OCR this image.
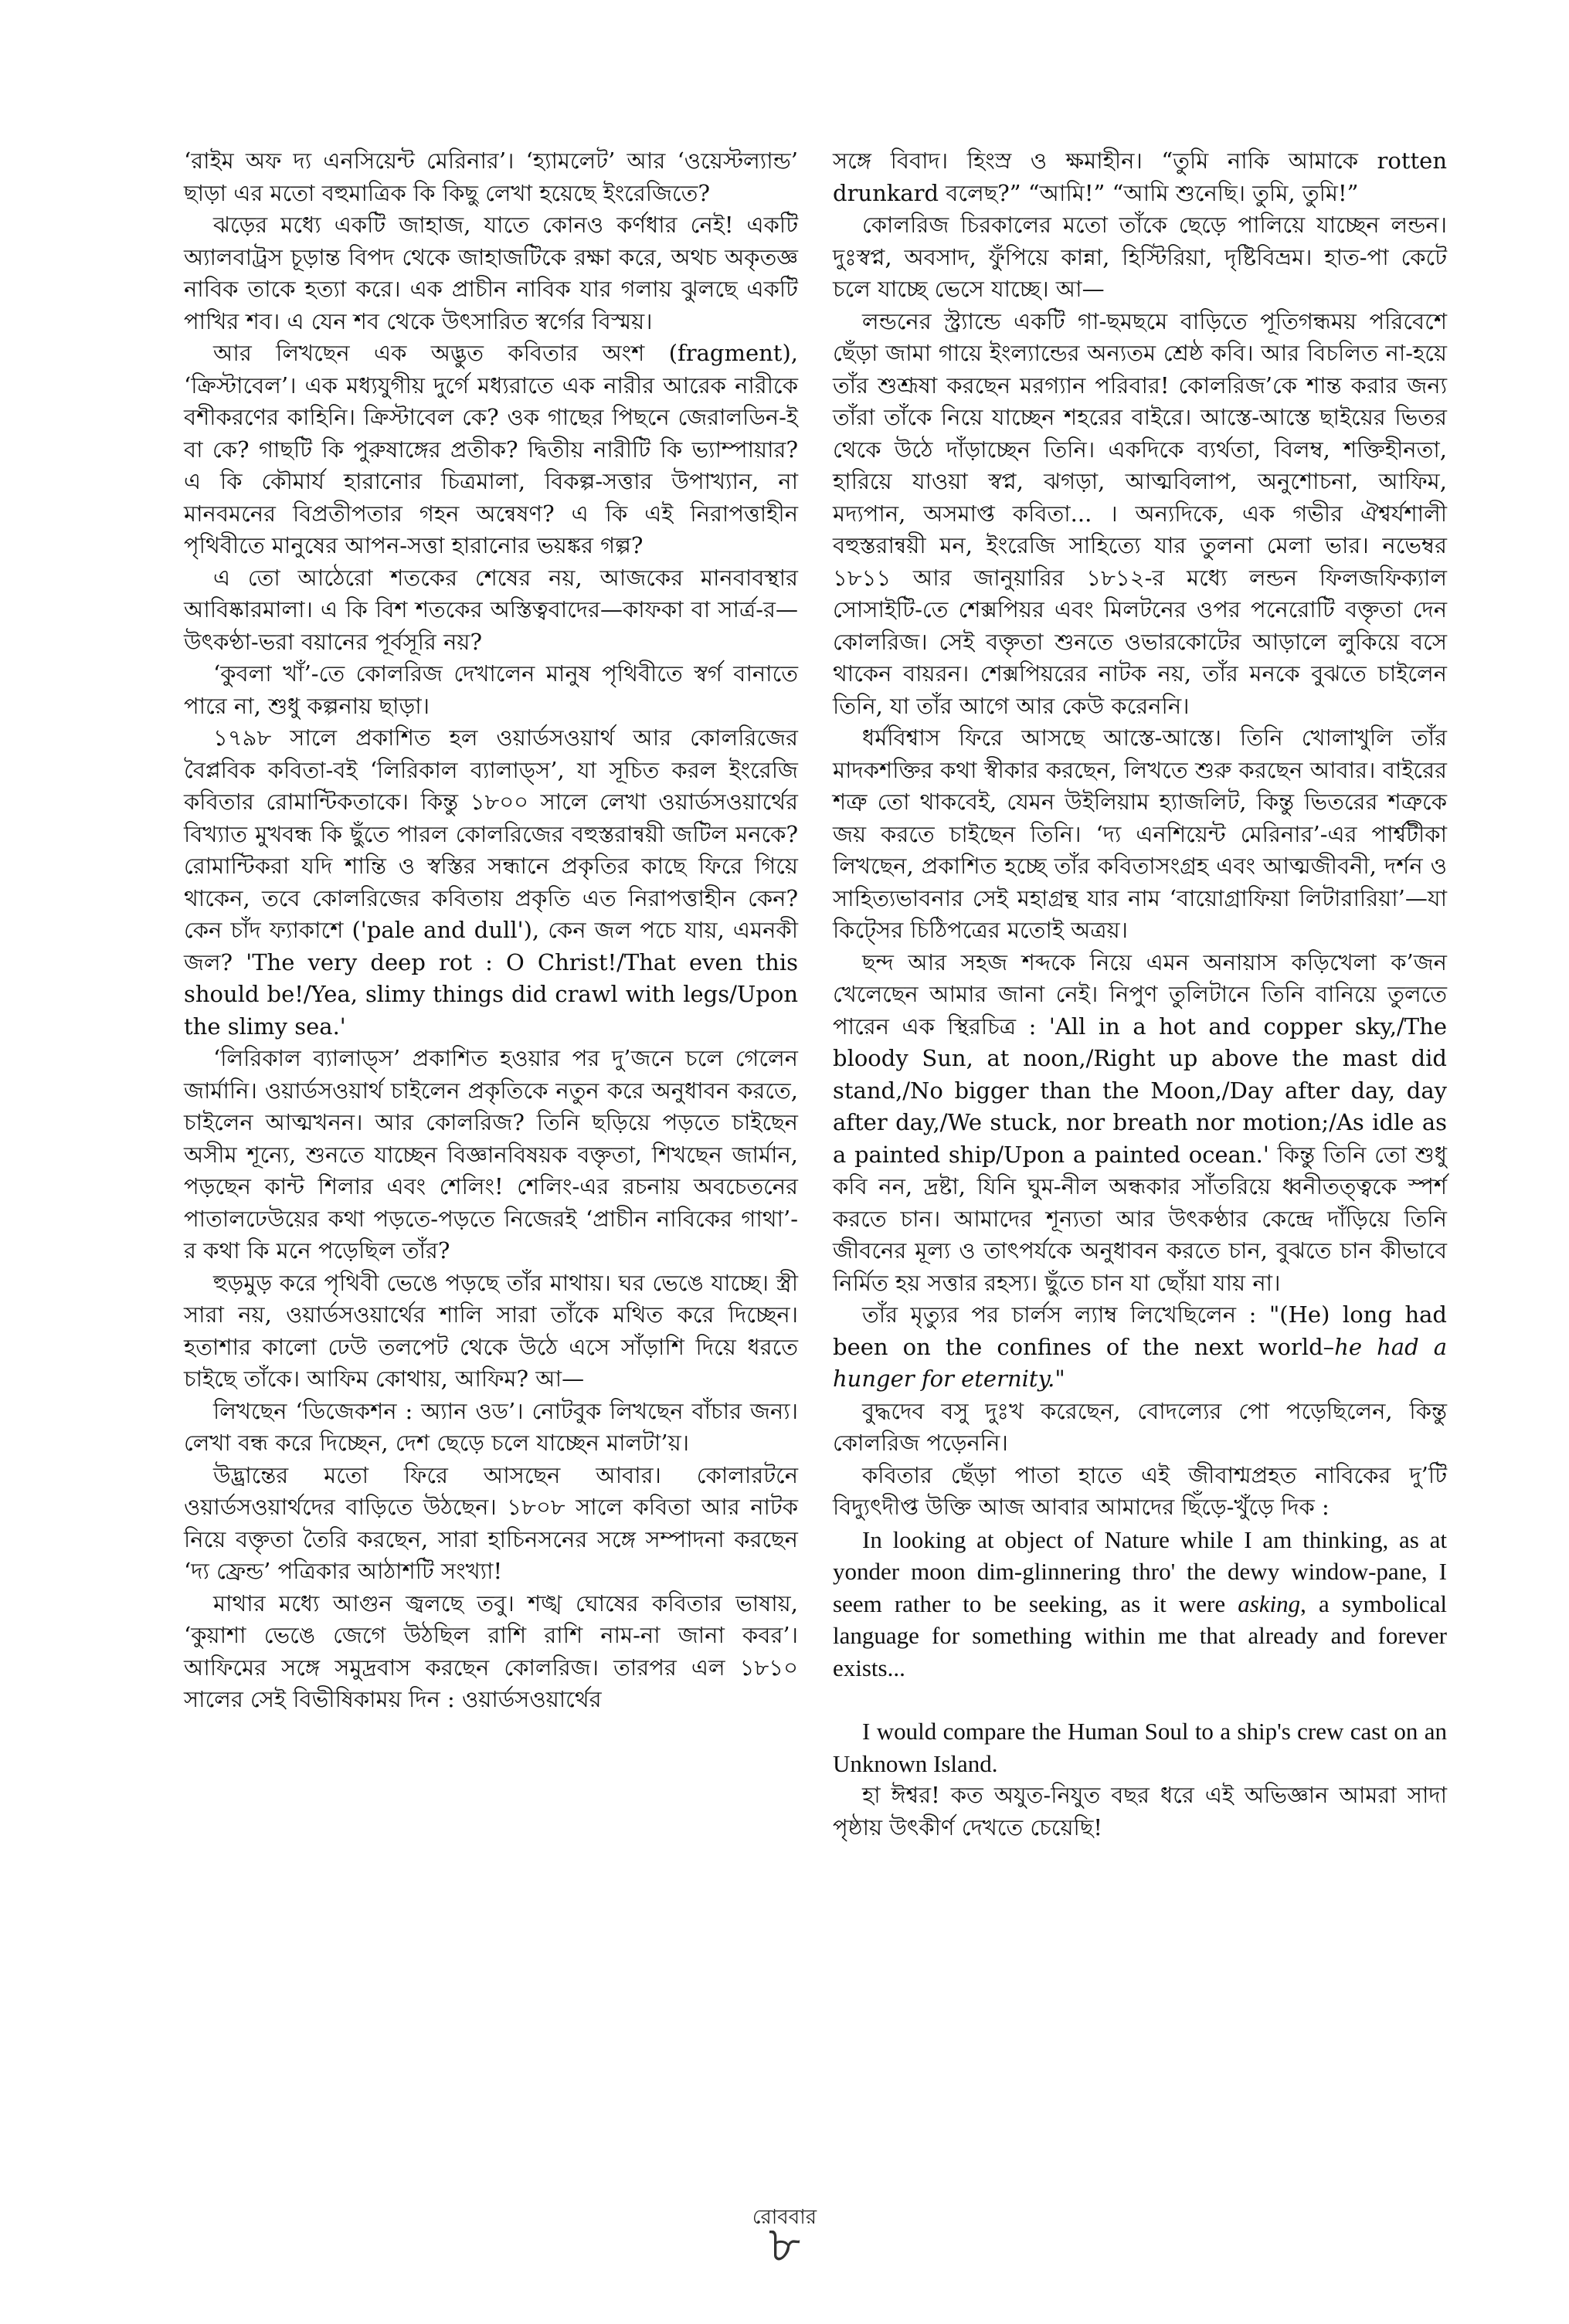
‘রাইম অফ দ্য এনসিয়েন্ট মেরিনার’। ‘হ্যামলেট’ আর ‘ওয়েস্টল্যান্ড’ ছাড়া এর মতো বহুমাত্রিক কি কিছু লেখা হয়েছে ইংরেজিতে?

ঝড়ের মধ্যে একটি জাহাজ, যাতে কোনও কর্ণধার নেই! একটি অ্যালবাট্রস চূড়ান্ত বিপদ থেকে জাহাজটিকে রক্ষা করে, অথচ অকৃতজ্ঞ নাবিক তাকে হত্যা করে। এক প্রাচীন নাবিক যার গলায় ঝুলছে একটি পাখির শব। এ যেন শব থেকে উৎসারিত স্বর্গের বিস্ময়।

আর লিখছেন এক অদ্ভুত কবিতার অংশ (fragment), ‘ক্রিস্টাবেল’। এক মধ্যযুগীয় দুর্গে মধ্যরাতে এক নারীর আরেক নারীকে বশীকরণের কাহিনি। ক্রিস্টাবেল কে? ওক গাছের পিছনে জেরালডিন-ই বা কে? গাছটি কি পুরুষাঙ্গের প্রতীক? দ্বিতীয় নারীটি কি ভ্যাম্পায়ার? এ কি কৌমার্য হারানোর চিত্রমালা, বিকল্প-সত্তার উপাখ্যান, না মানবমনের বিপ্রতীপতার গহন অন্বেষণ? এ কি এই নিরাপত্তাহীন পৃথিবীতে মানুষের আপন-সত্তা হারানোর ভয়ঙ্কর গল্প?

এ তো আঠেরো শতকের শেষের নয়, আজকের মানবাবস্থার আবিষ্কারমালা। এ কি বিশ শতকের অস্তিত্ববাদের—কাফকা বা সার্ত্র-র—উৎকণ্ঠা-ভরা বয়ানের পূর্বসূরি নয়?

‘কুবলা খাঁ’-তে কোলরিজ দেখালেন মানুষ পৃথিবীতে স্বর্গ বানাতে পারে না, শুধু কল্পনায় ছাড়া।

১৭৯৮ সালে প্রকাশিত হল ওয়ার্ডসওয়ার্থ আর কোলরিজের বৈপ্লবিক কবিতা-বই ‘লিরিকাল ব্যালাড্স’, যা সূচিত করল ইংরেজি কবিতার রোমান্টিকতাকে। কিন্তু ১৮০০ সালে লেখা ওয়ার্ডসওয়ার্থের বিখ্যাত মুখবন্ধ কি ছুঁতে পারল কোলরিজের বহুস্তরান্বয়ী জটিল মনকে? রোমান্টিকরা যদি শান্তি ও স্বস্তির সন্ধানে প্রকৃতির কাছে ফিরে গিয়ে থাকেন, তবে কোলরিজের কবিতায় প্রকৃতি এত নিরাপত্তাহীন কেন? কেন চাঁদ ফ্যাকাশে ('pale and dull'), কেন জল পচে যায়, এমনকী জল? 'The very deep rot : O Christ!/That even this should be!/Yea, slimy things did crawl with legs/Upon the slimy sea.'

‘লিরিকাল ব্যালাড্স’ প্রকাশিত হওয়ার পর দু’জনে চলে গেলেন জার্মানি। ওয়ার্ডসওয়ার্থ চাইলেন প্রকৃতিকে নতুন করে অনুধাবন করতে, চাইলেন আত্মখনন। আর কোলরিজ? তিনি ছড়িয়ে পড়তে চাইছেন অসীম শূন্যে, শুনতে যাচ্ছেন বিজ্ঞানবিষয়ক বক্তৃতা, শিখছেন জার্মান, পড়ছেন কান্ট শিলার এবং শেলিং! শেলিং-এর রচনায় অবচেতনের পাতালঢেউয়ের কথা পড়তে-পড়তে নিজেরই ‘প্রাচীন নাবিকের গাথা’-র কথা কি মনে পড়েছিল তাঁর?

হুড়মুড় করে পৃথিবী ভেঙে পড়ছে তাঁর মাথায়। ঘর ভেঙে যাচ্ছে। স্ত্রী সারা নয়, ওয়ার্ডসওয়ার্থের শালি সারা তাঁকে মথিত করে দিচ্ছেন। হতাশার কালো ঢেউ তলপেট থেকে উঠে এসে সাঁড়াশি দিয়ে ধরতে চাইছে তাঁকে। আফিম কোথায়, আফিম? আ—

লিখছেন ‘ডিজেকশন : অ্যান ওড’। নোটবুক লিখছেন বাঁচার জন্য। লেখা বন্ধ করে দিচ্ছেন, দেশ ছেড়ে চলে যাচ্ছেন মালটা’য়।

উদ্ভ্রান্তের মতো ফিরে আসছেন আবার। কোলারটনে ওয়ার্ডসওয়ার্থদের বাড়িতে উঠছেন। ১৮০৮ সালে কবিতা আর নাটক নিয়ে বক্তৃতা তৈরি করছেন, সারা হাচিনসনের সঙ্গে সম্পাদনা করছেন ‘দ্য ফ্রেন্ড’ পত্রিকার আঠাশটি সংখ্যা!

মাথার মধ্যে আগুন জ্বলছে তবু। শঙ্খ ঘোষের কবিতার ভাষায়, ‘কুয়াশা ভেঙে জেগে উঠছিল রাশি রাশি নাম-না জানা কবর’। আফিমের সঙ্গে সমুদ্রবাস করছেন কোলরিজ। তারপর এল ১৮১০ সালের সেই বিভীষিকাময় দিন : ওয়ার্ডসওয়ার্থের

সঙ্গে বিবাদ। হিংস্র ও ক্ষমাহীন। “তুমি নাকি আমাকে rotten drunkard বলেছ?” “আমি!” “আমি শুনেছি। তুমি, তুমি!”

কোলরিজ চিরকালের মতো তাঁকে ছেড়ে পালিয়ে যাচ্ছেন লন্ডন। দুঃস্বপ্ন, অবসাদ, ফুঁপিয়ে কান্না, হিস্টিরিয়া, দৃষ্টিবিভ্রম। হাত-পা কেটে চলে যাচ্ছে ভেসে যাচ্ছে। আ—

লন্ডনের স্ট্র্যান্ডে একটি গা-ছমছমে বাড়িতে পূতিগন্ধময় পরিবেশে ছেঁড়া জামা গায়ে ইংল্যান্ডের অন্যতম শ্রেষ্ঠ কবি। আর বিচলিত না-হয়ে তাঁর শুশ্রূষা করছেন মরগ্যান পরিবার! কোলরিজ’কে শান্ত করার জন্য তাঁরা তাঁকে নিয়ে যাচ্ছেন শহরের বাইরে। আস্তে-আস্তে ছাইয়ের ভিতর থেকে উঠে দাঁড়াচ্ছেন তিনি। একদিকে ব্যর্থতা, বিলম্ব, শক্তিহীনতা, হারিয়ে যাওয়া স্বপ্ন, ঝগড়া, আত্মবিলাপ, অনুশোচনা, আফিম, মদ্যপান, অসমাপ্ত কবিতা... । অন্যদিকে, এক গভীর ঐশ্বর্যশালী বহুস্তরান্বয়ী মন, ইংরেজি সাহিত্যে যার তুলনা মেলা ভার। নভেম্বর ১৮১১ আর জানুয়ারির ১৮১২-র মধ্যে লন্ডন ফিলজফিক্যাল সোসাইটি-তে শেক্সপিয়র এবং মিলটনের ওপর পনেরোটি বক্তৃতা দেন কোলরিজ। সেই বক্তৃতা শুনতে ওভারকোটের আড়ালে লুকিয়ে বসে থাকেন বায়রন। শেক্সপিয়রের নাটক নয়, তাঁর মনকে বুঝতে চাইলেন তিনি, যা তাঁর আগে আর কেউ করেননি।

ধর্মবিশ্বাস ফিরে আসছে আস্তে-আস্তে। তিনি খোলাখুলি তাঁর মাদকশক্তির কথা স্বীকার করছেন, লিখতে শুরু করছেন আবার। বাইরের শত্রু তো থাকবেই, যেমন উইলিয়াম হ্যাজলিট, কিন্তু ভিতরের শত্রুকে জয় করতে চাইছেন তিনি। ‘দ্য এনশিয়েন্ট মেরিনার’-এর পার্শ্বটীকা লিখছেন, প্রকাশিত হচ্ছে তাঁর কবিতাসংগ্রহ এবং আত্মজীবনী, দর্শন ও সাহিত্যভাবনার সেই মহাগ্রন্থ যার নাম ‘বায়োগ্রাফিয়া লিটারারিয়া’—যা কিট্সের চিঠিপত্রের মতোই অত্রয়।

ছন্দ আর সহজ শব্দকে নিয়ে এমন অনায়াস কড়িখেলা ক’জন খেলেছেন আমার জানা নেই। নিপুণ তুলিটানে তিনি বানিয়ে তুলতে পারেন এক স্থিরচিত্র : 'All in a hot and copper sky,/The bloody Sun, at noon,/Right up above the mast did stand,/No bigger than the Moon,/Day after day, day after day,/We stuck, nor breath nor motion;/As idle as a painted ship/Upon a painted ocean.' কিন্তু তিনি তো শুধু কবি নন, দ্রষ্টা, যিনি ঘুম-নীল অন্ধকার সাঁতরিয়ে ধ্বনীতত্ত্বকে স্পর্শ করতে চান। আমাদের শূন্যতা আর উৎকণ্ঠার কেন্দ্রে দাঁড়িয়ে তিনি জীবনের মূল্য ও তাৎপর্যকে অনুধাবন করতে চান, বুঝতে চান কীভাবে নির্মিত হয় সত্তার রহস্য। ছুঁতে চান যা ছোঁয়া যায় না।

তাঁর মৃত্যুর পর চার্লস ল্যাম্ব লিখেছিলেন : "(He) long had been on the confines of the next world–he had a hunger for eternity."

বুদ্ধদেব বসু দুঃখ করেছেন, বোদল্যের পো পড়েছিলেন, কিন্তু কোলরিজ পড়েননি।

কবিতার ছেঁড়া পাতা হাতে এই জীবাশ্মপ্রহত নাবিকের দু’টি বিদ্যুৎদীপ্ত উক্তি আজ আবার আমাদের ছিঁড়ে-খুঁড়ে দিক :

In looking at object of Nature while I am thinking, as at yonder moon dim-glinnering thro' the dewy window-pane, I seem rather to be seeking, as it were asking, a symbolical language for something within me that already and forever exists...

I would compare the Human Soul to a ship's crew cast on an Unknown Island.

হা ঈশ্বর! কত অযুত-নিযুত বছর ধরে এই অভিজ্ঞান আমরা সাদা পৃষ্ঠায় উৎকীর্ণ দেখতে চেয়েছি!

রোববার
৮
